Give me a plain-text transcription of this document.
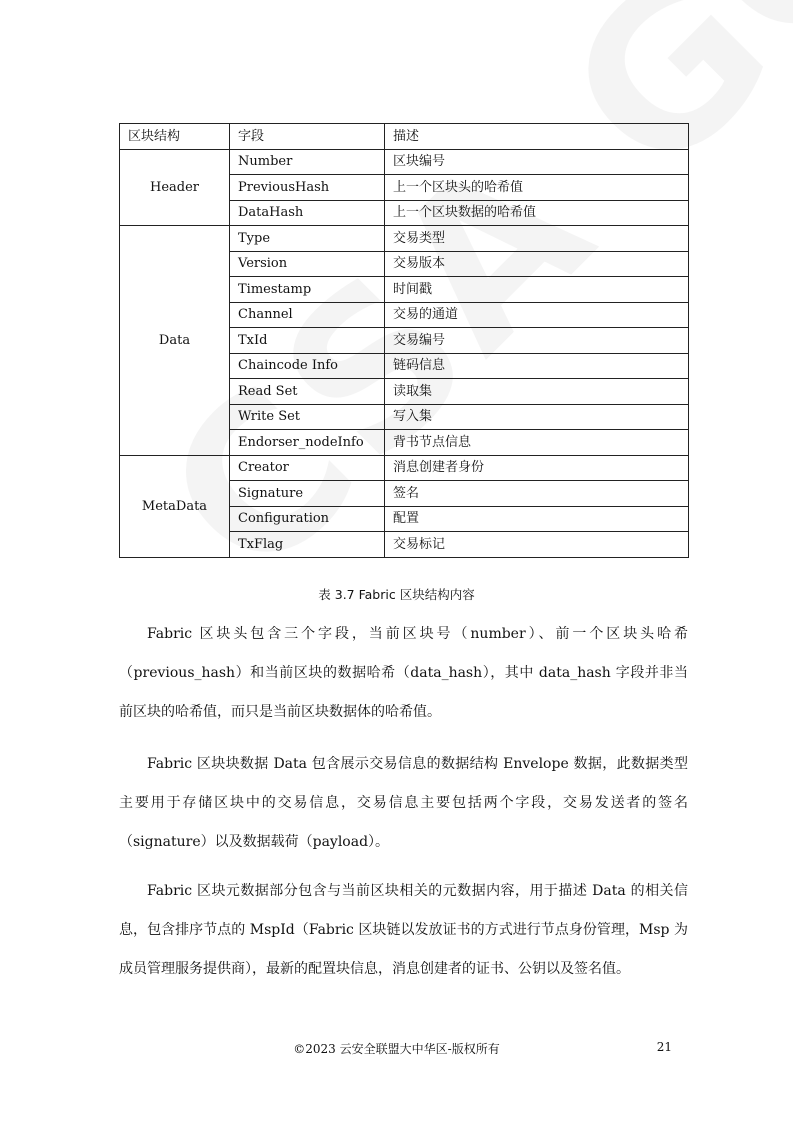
区块结构	字段	描述
Header	Number	区块编号
	PreviousHash	上一个区块头的哈希值
	DataHash	上一个区块数据的哈希值
Data	Type	交易类型
	Version	交易版本
	Timestamp	时间戳
	Channel	交易的通道
	TxId	交易编号
	Chaincode Info	链码信息
	Read Set	读取集
	Write Set	写入集
	Endorser_nodeInfo	背书节点信息
MetaData	Creator	消息创建者身份
	Signature	签名
	Configuration	配置
	TxFlag	交易标记
表 3.7 Fabric 区块结构内容

Fabric 区块头包含三个字段，当前区块号（number）、前一个区块头哈希（previous_hash）和当前区块的数据哈希（data_hash），其中 data_hash 字段并非当前区块的哈希值，而只是当前区块数据体的哈希值。

Fabric 区块块数据 Data 包含展示交易信息的数据结构 Envelope 数据，此数据类型主要用于存储区块中的交易信息，交易信息主要包括两个字段，交易发送者的签名（signature）以及数据载荷（payload）。

Fabric 区块元数据部分包含与当前区块相关的元数据内容，用于描述 Data 的相关信息，包含排序节点的 MspId（Fabric 区块链以发放证书的方式进行节点身份管理，Msp 为成员管理服务提供商），最新的配置块信息，消息创建者的证书、公钥以及签名值。

©2023 云安全联盟大中华区-版权所有	21
